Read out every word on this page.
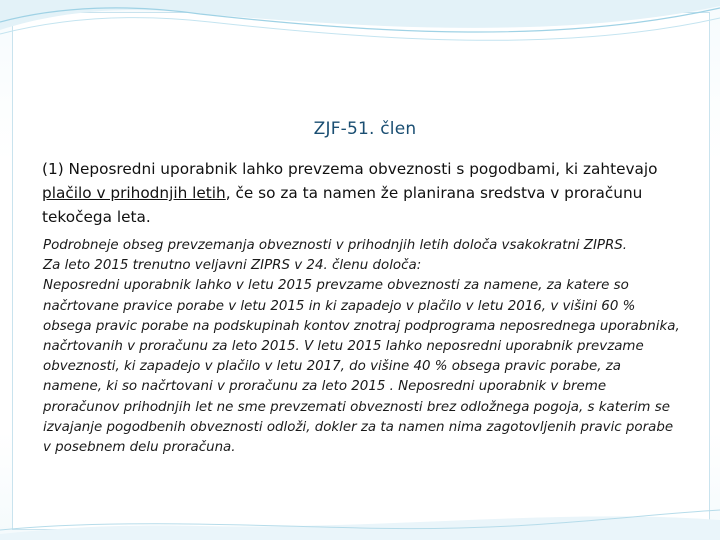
ZJF-51. člen
(1) Neposredni uporabnik lahko prevzema obveznosti s pogodbami, ki zahtevajo plačilo v prihodnjih letih, če so za ta namen že planirana sredstva v proračunu tekočega leta.
Podrobneje obseg prevzemanja obveznosti v prihodnjih letih določa vsakokratni ZIPRS.
Za leto 2015 trenutno veljavni ZIPRS v 24. členu določa:
Neposredni uporabnik lahko v letu 2015 prevzame obveznosti za namene, za katere so načrtovane pravice porabe v letu 2015 in ki zapadejo v plačilo v letu 2016, v višini 60 % obsega pravic porabe na podskupinah kontov znotraj podprograma neposrednega uporabnika, načrtovanih v proračunu za leto 2015. V letu 2015 lahko neposredni uporabnik prevzame obveznosti, ki zapadejo v plačilo v letu 2017, do višine 40 % obsega pravic porabe, za namene, ki so načrtovani v proračunu za leto 2015 . Neposredni uporabnik v breme proračunov prihodnjih let ne sme prevzemati obveznosti brez odložnega pogoja, s katerim se izvajanje pogodbenih obveznosti odloži, dokler za ta namen nima zagotovljenih pravic porabe v posebnem delu proračuna.
